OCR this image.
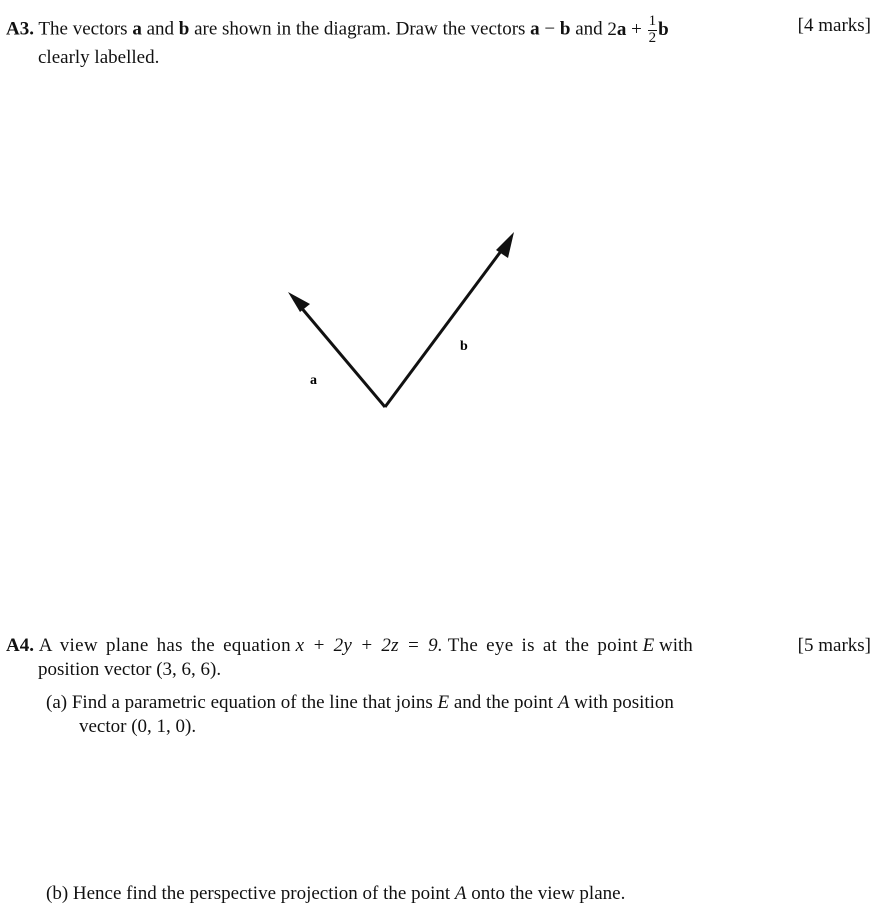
A3. The vectors a and b are shown in the diagram. Draw the vectors a − b and $2a + \frac{1}{2}$ b	[4 marks]
clearly labelled.
a
b
A4. A view plane has the equation x + 2y + 2z = 9. The eye is at the point E with	[5 marks]
position vector (3, 6, 6).
(a) Find a parametric equation of the line that joins E and the point A with position
vector (0, 1, 0).
(b) Hence find the perspective projection of the point A onto the view plane.
